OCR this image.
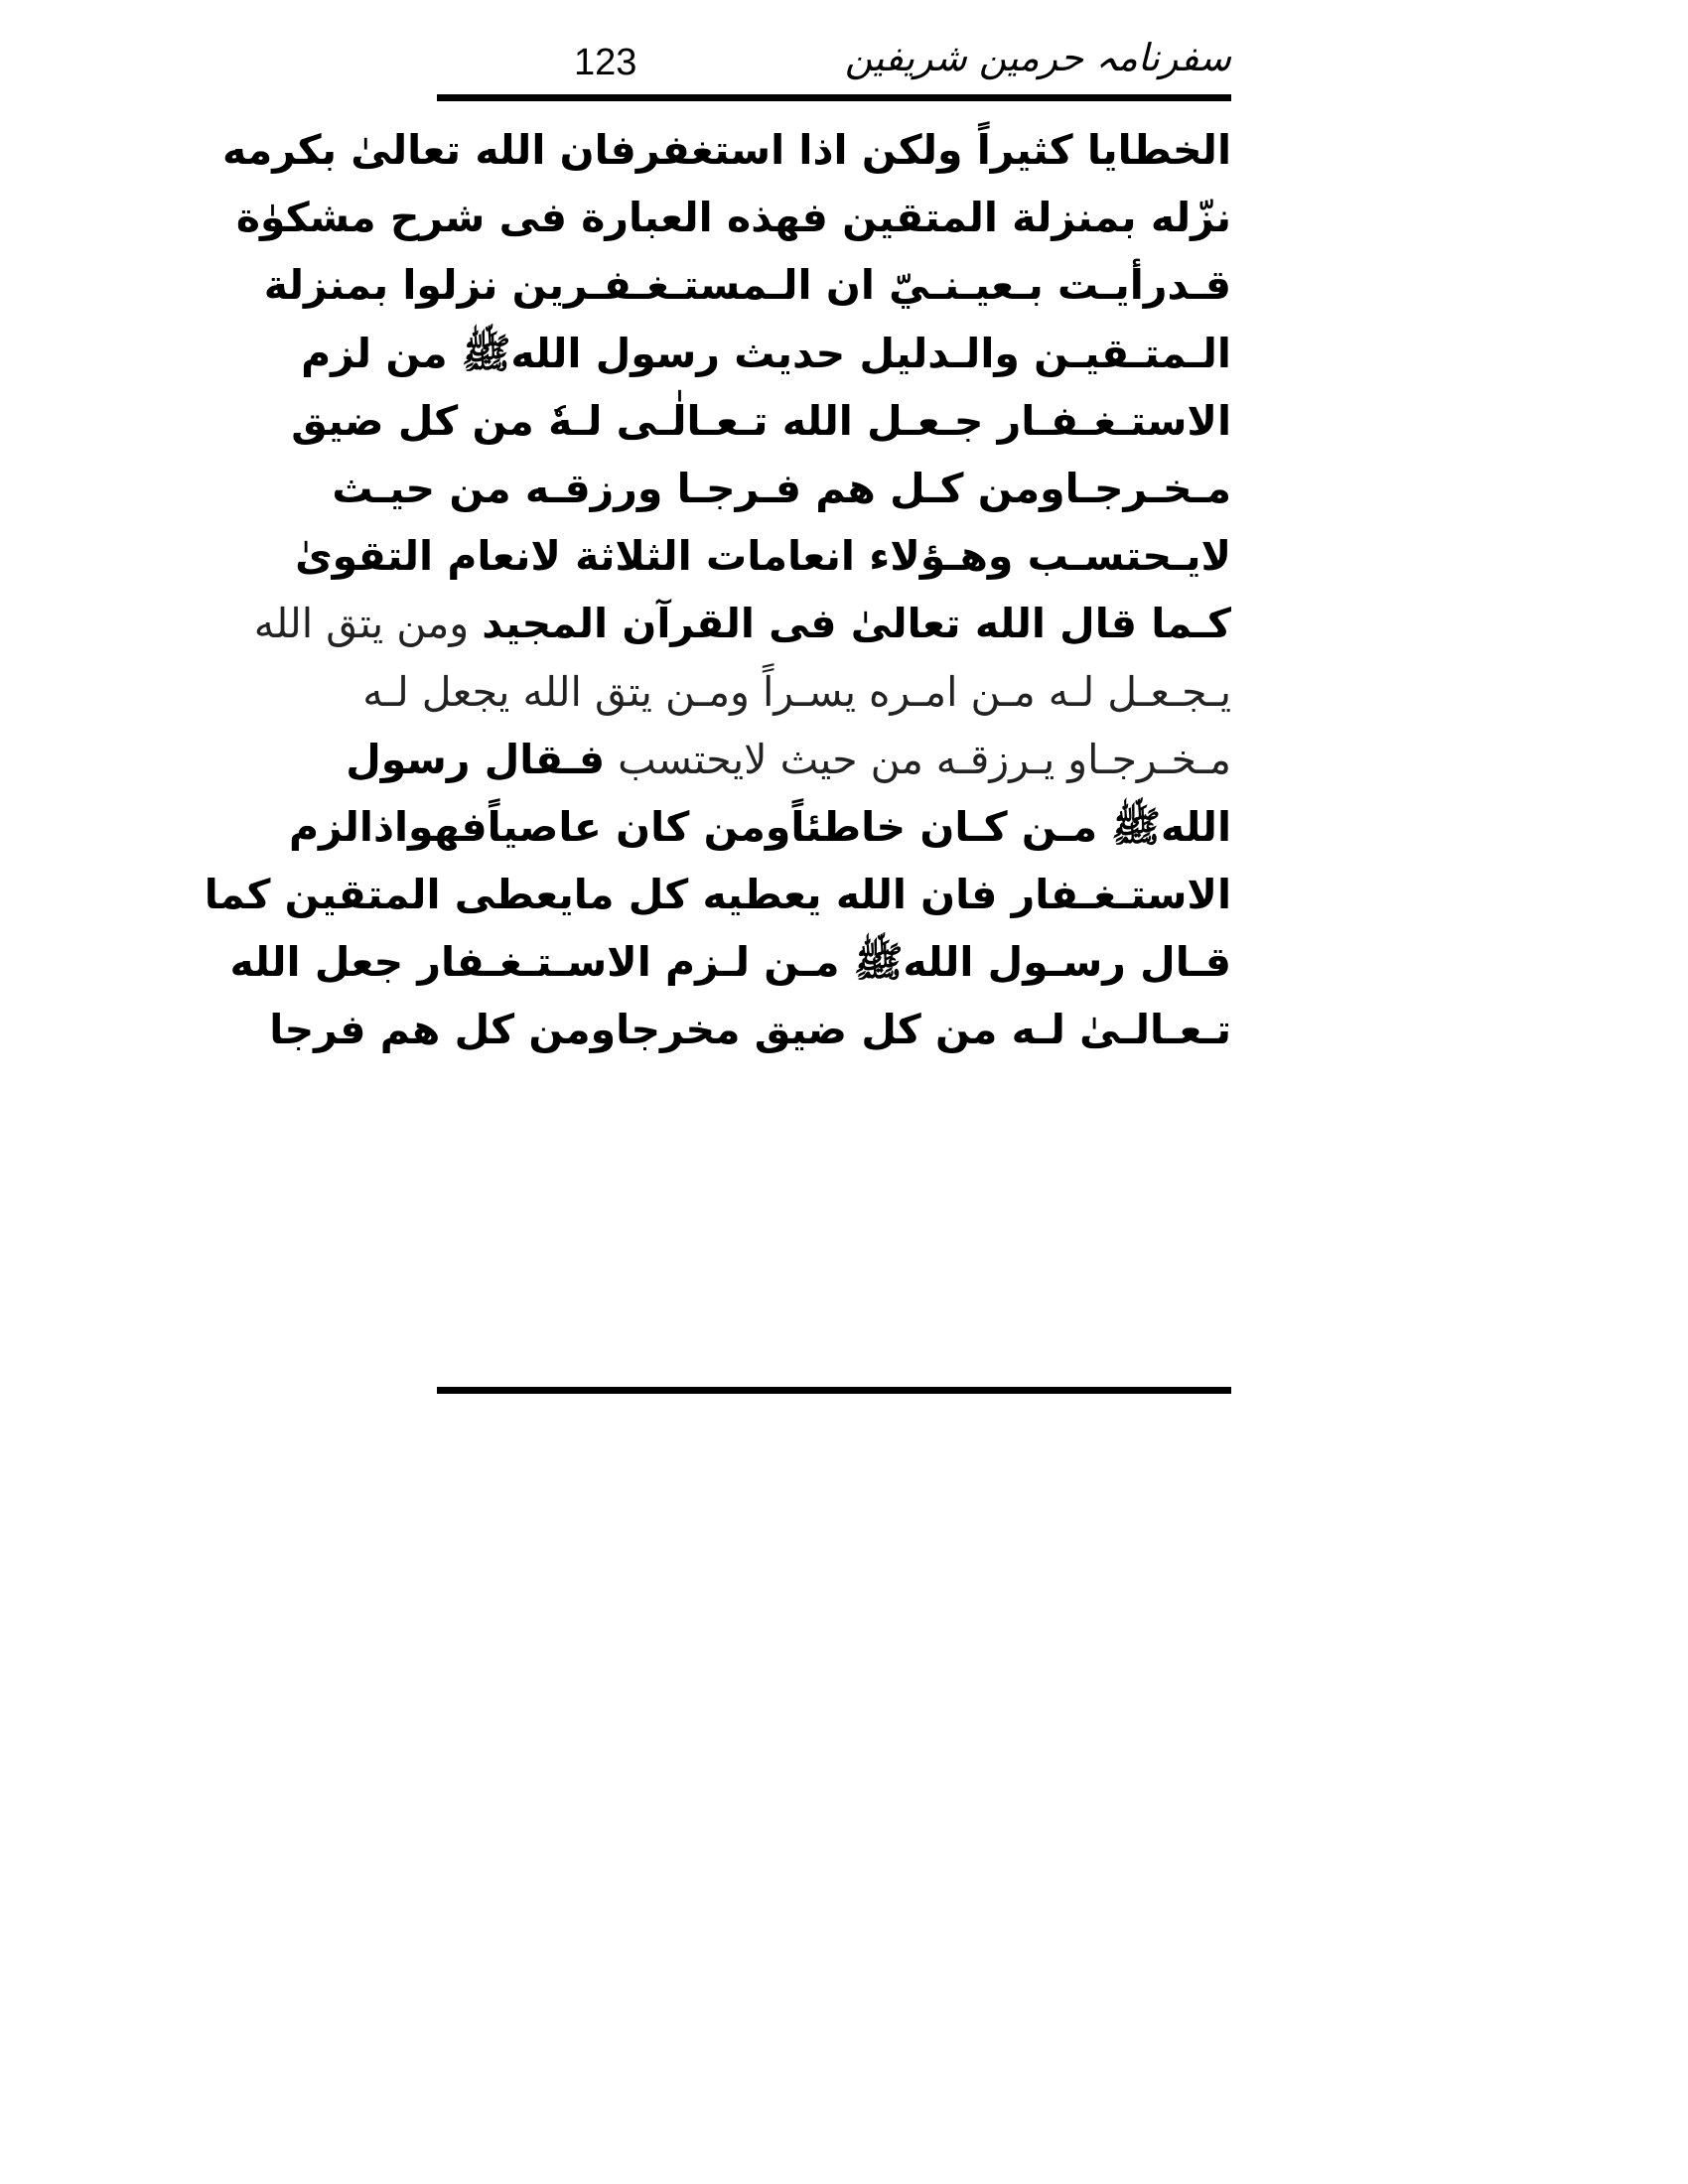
123	سفرنامہ حرمین شریفین
الخطايا كثيراً ولكن اذا استغفرفان الله تعالىٰ بكرمه
نزّله بمنزلة المتقين فهذه العبارة فى شرح مشكوٰة
قـدرأيـت بـعيـنـيّ ان الـمستـغـفـرين نزلوا بمنزلة
الـمتـقيـن والـدليل حديث رسول اللهﷺ من لزم
الاستـغـفـار جـعـل الله تـعـالٰـى لـهٗ من كل ضيق
مـخـرجـاومن كـل هم فـرجـا ورزقـه من حيـث
لايـحتسـب وهـؤلاء انعامات الثلاثة لانعام التقوىٰ
كـما قال الله تعالىٰ فى القرآن المجيد ومن يتق الله
يـجـعـل لـه مـن امـره يسـراً ومـن يتق الله يجعل لـه
مـخـرجـاو يـرزقـه من حيث لايحتسب فـقال رسول
اللهﷺ مـن كـان خاطئاًومن كان عاصياًفهواذالزم
الاستـغـفار فان الله يعطيه كل مايعطى المتقين كما
قـال رسـول اللهﷺ مـن لـزم الاسـتـغـفار جعل الله
تـعـالـىٰ لـه من كل ضيق مخرجاومن كل هم فرجا
